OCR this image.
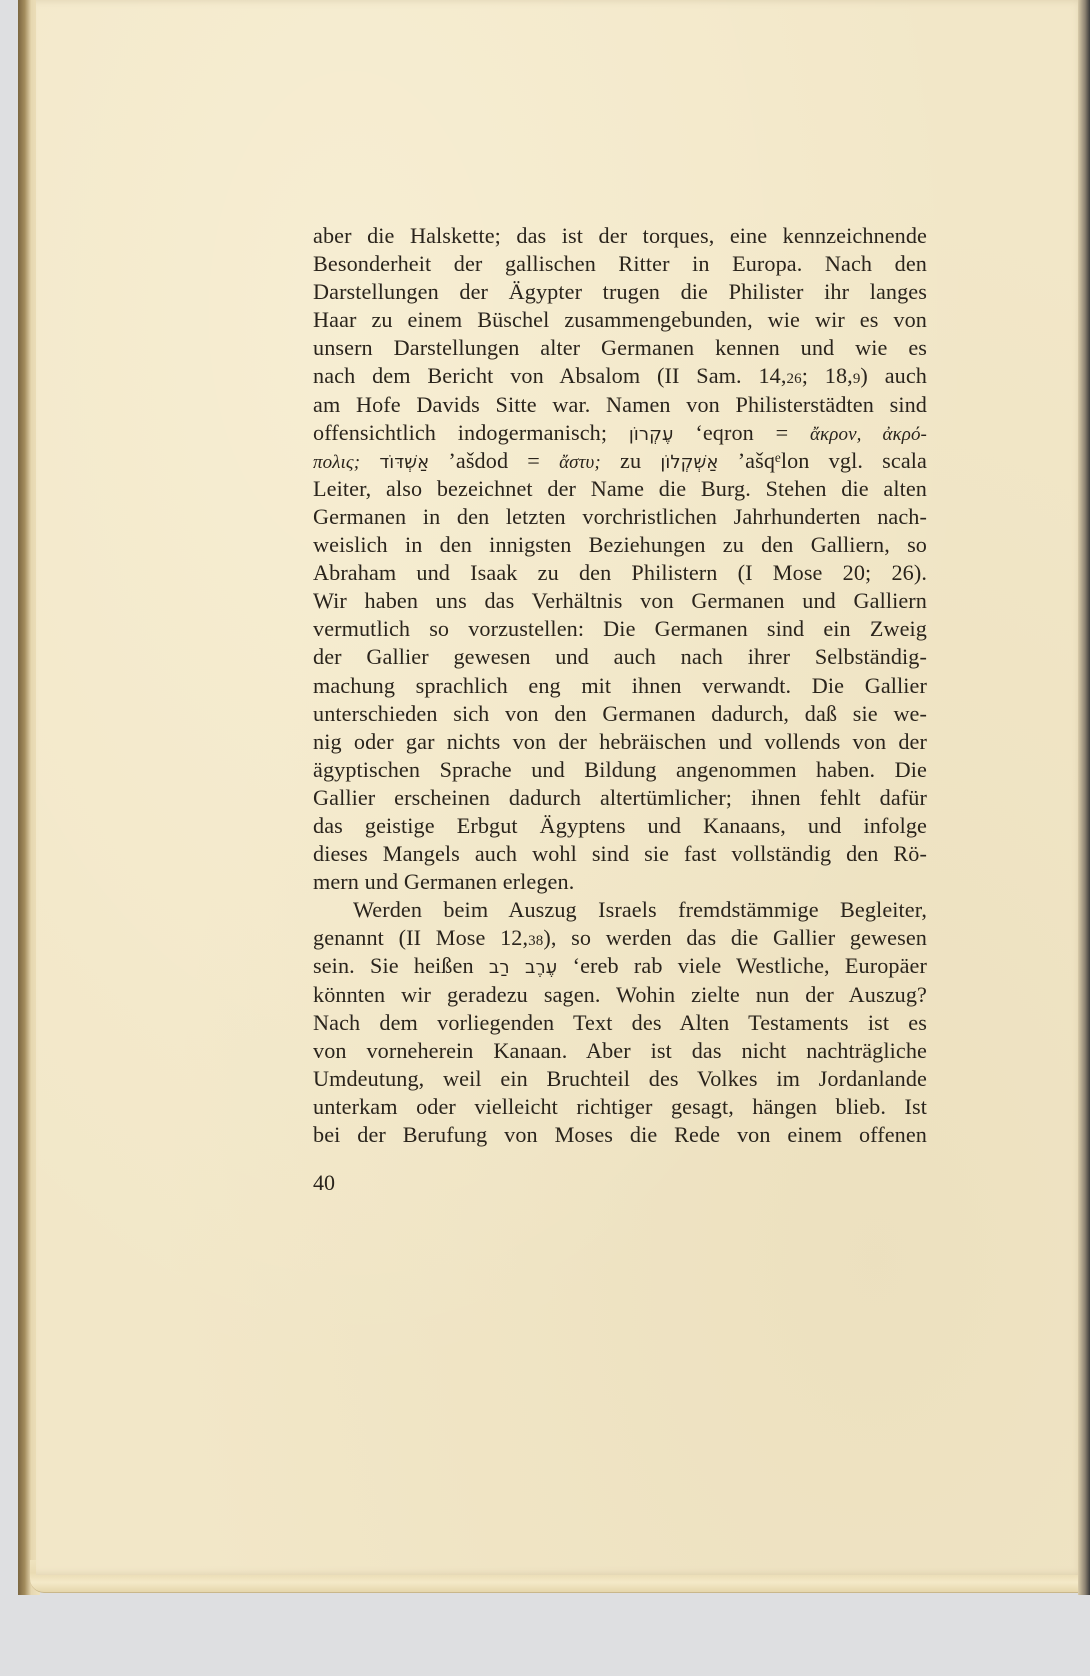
aber die Halskette; das ist der torques, eine kennzeichnende
Besonderheit der gallischen Ritter in Europa. Nach den
Darstellungen der Ägypter trugen die Philister ihr langes
Haar zu einem Büschel zusammengebunden, wie wir es von
unsern Darstellungen alter Germanen kennen und wie es
nach dem Bericht von Absalom (II Sam. 14,26; 18,9) auch
am Hofe Davids Sitte war. Namen von Philisterstädten sind
offensichtlich indogermanisch; עֶקְרוֹן ‘eqron = ἄκρον, ἀκρό-
πολις; אַשְׁדּוֹד ’ašdod = ἄστυ; zu אַשְׁקְלוֹן ’ašqᵉlon vgl. scala
Leiter, also bezeichnet der Name die Burg. Stehen die alten
Germanen in den letzten vorchristlichen Jahrhunderten nach-
weislich in den innigsten Beziehungen zu den Galliern, so
Abraham und Isaak zu den Philistern (I Mose 20; 26).
Wir haben uns das Verhältnis von Germanen und Galliern
vermutlich so vorzustellen: Die Germanen sind ein Zweig
der Gallier gewesen und auch nach ihrer Selbständig-
machung sprachlich eng mit ihnen verwandt. Die Gallier
unterschieden sich von den Germanen dadurch, daß sie we-
nig oder gar nichts von der hebräischen und vollends von der
ägyptischen Sprache und Bildung angenommen haben. Die
Gallier erscheinen dadurch altertümlicher; ihnen fehlt dafür
das geistige Erbgut Ägyptens und Kanaans, und infolge
dieses Mangels auch wohl sind sie fast vollständig den Rö-
mern und Germanen erlegen.
Werden beim Auszug Israels fremdstämmige Begleiter,
genannt (II Mose 12,38), so werden das die Gallier gewesen
sein. Sie heißen עֶרֶב רַב ‘ereb rab viele Westliche, Europäer
könnten wir geradezu sagen. Wohin zielte nun der Auszug?
Nach dem vorliegenden Text des Alten Testaments ist es
von vorneherein Kanaan. Aber ist das nicht nachträgliche
Umdeutung, weil ein Bruchteil des Volkes im Jordanlande
unterkam oder vielleicht richtiger gesagt, hängen blieb. Ist
bei der Berufung von Moses die Rede von einem offenen
40
